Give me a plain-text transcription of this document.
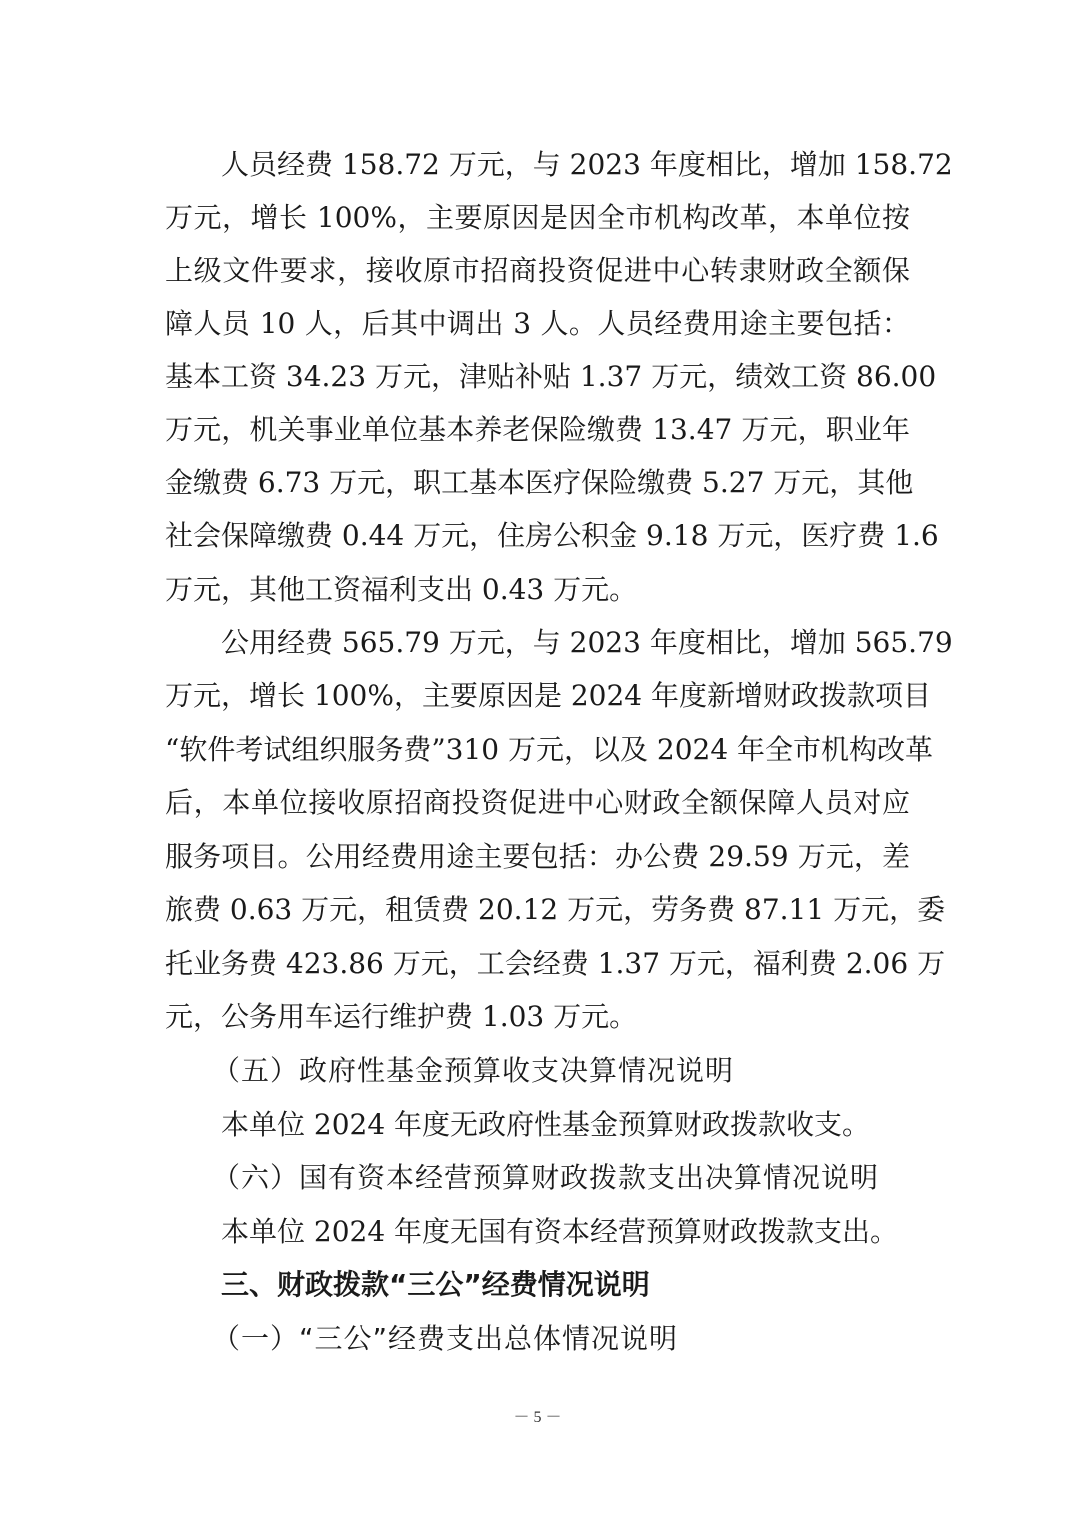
人员经费 158.72 万元，与 2023 年度相比，增加 158.72
万元，增长 100%，主要原因是因全市机构改革，本单位按
上级文件要求，接收原市招商投资促进中心转隶财政全额保
障人员 10 人，后其中调出 3 人。人员经费用途主要包括：
基本工资 34.23 万元，津贴补贴 1.37 万元，绩效工资 86.00
万元，机关事业单位基本养老保险缴费 13.47 万元，职业年
金缴费 6.73 万元，职工基本医疗保险缴费 5.27 万元，其他
社会保障缴费 0.44 万元，住房公积金 9.18 万元，医疗费 1.6
万元，其他工资福利支出 0.43 万元。
公用经费 565.79 万元，与 2023 年度相比，增加 565.79
万元，增长 100%，主要原因是 2024 年度新增财政拨款项目
“软件考试组织服务费”310 万元，以及 2024 年全市机构改革
后，本单位接收原招商投资促进中心财政全额保障人员对应
服务项目。公用经费用途主要包括：办公费 29.59 万元，差
旅费 0.63 万元，租赁费 20.12 万元，劳务费 87.11 万元，委
托业务费 423.86 万元，工会经费 1.37 万元，福利费 2.06 万
元，公务用车运行维护费 1.03 万元。
（五）政府性基金预算收支决算情况说明
本单位 2024 年度无政府性基金预算财政拨款收支。
（六）国有资本经营预算财政拨款支出决算情况说明
本单位 2024 年度无国有资本经营预算财政拨款支出。
三、财政拨款“三公”经费情况说明
（一）“三公”经费支出总体情况说明
－ 5 －
